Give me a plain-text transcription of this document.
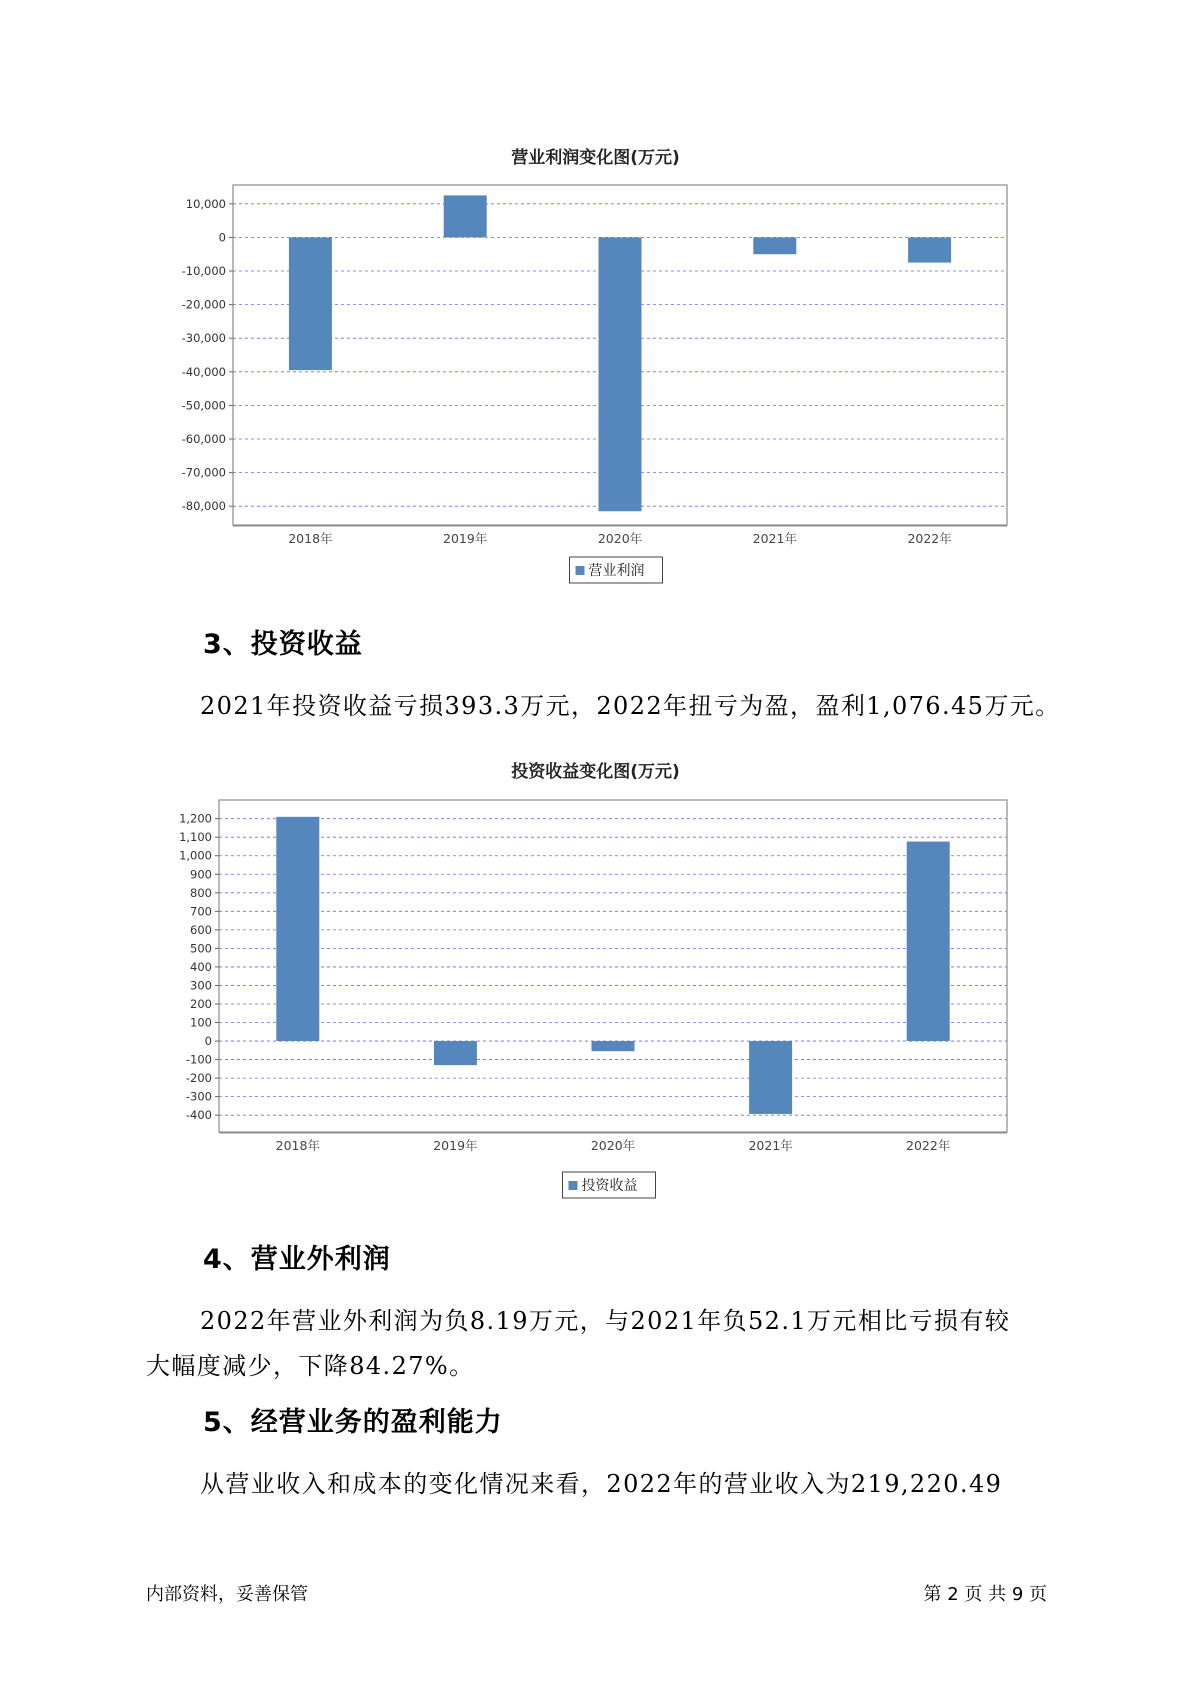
营业利润变化图(万元)
10,000
0
-10,000
-20,000
-30,000
-40,000
-50,000
-60,000
-70,000
-80,000
2018年	2019年	2020年	2021年	2022年
营业利润
3、投资收益
2021年投资收益亏损393.3万元，2022年扭亏为盈，盈利1,076.45万元。
投资收益变化图(万元)
1,200
1,100
1,000
900
800
700
600
500
400
300
200
100
0
-100
-200
-300
-400
2018年	2019年	2020年	2021年	2022年
投资收益
4、营业外利润
2022年营业外利润为负8.19万元，与2021年负52.1万元相比亏损有较
大幅度减少，下降84.27%。
5、经营业务的盈利能力
从营业收入和成本的变化情况来看，2022年的营业收入为219,220.49
内部资料，妥善保管	第 2 页 共 9 页
